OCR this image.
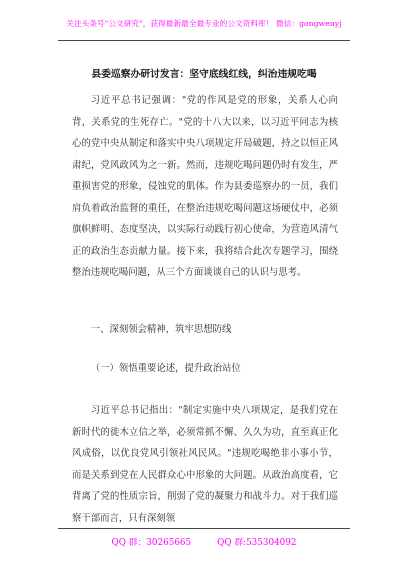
关注头条号"公文研究"，获得最新最全最专业的公文资料库！ 微信：gongwenyj
县委巡察办研讨发言：坚守底线红线，纠治违规吃喝

习近平总书记强调："党的作风是党的形象，关系人心向背，关系党的生死存亡。"党的十八大以来，以习近平同志为核心的党中央从制定和落实中央八项规定开局破题，持之以恒正风肃纪，党风政风为之一新。然而，违规吃喝问题仍时有发生，严重损害党的形象，侵蚀党的肌体。作为县委巡察办的一员，我们肩负着政治监督的重任，在整治违规吃喝问题这场硬仗中，必须旗帜鲜明、态度坚决，以实际行动践行初心使命，为营造风清气正的政治生态贡献力量。接下来，我将结合此次专题学习，围绕整治违规吃喝问题，从三个方面谈谈自己的认识与思考。

一、深刻领会精神，筑牢思想防线
（一）领悟重要论述，提升政治站位

习近平总书记指出："制定实施中央八项规定，是我们党在新时代的徙木立信之举，必须常抓不懈、久久为功，直至真正化风成俗，以优良党风引领社风民风。"违规吃喝绝非小事小节，而是关系到党在人民群众心中形象的大问题。从政治高度看，它背离了党的性质宗旨，削弱了党的凝聚力和战斗力。对于我们巡察干部而言，只有深刻领

QQ 群：30265665	QQ 群:535304092
